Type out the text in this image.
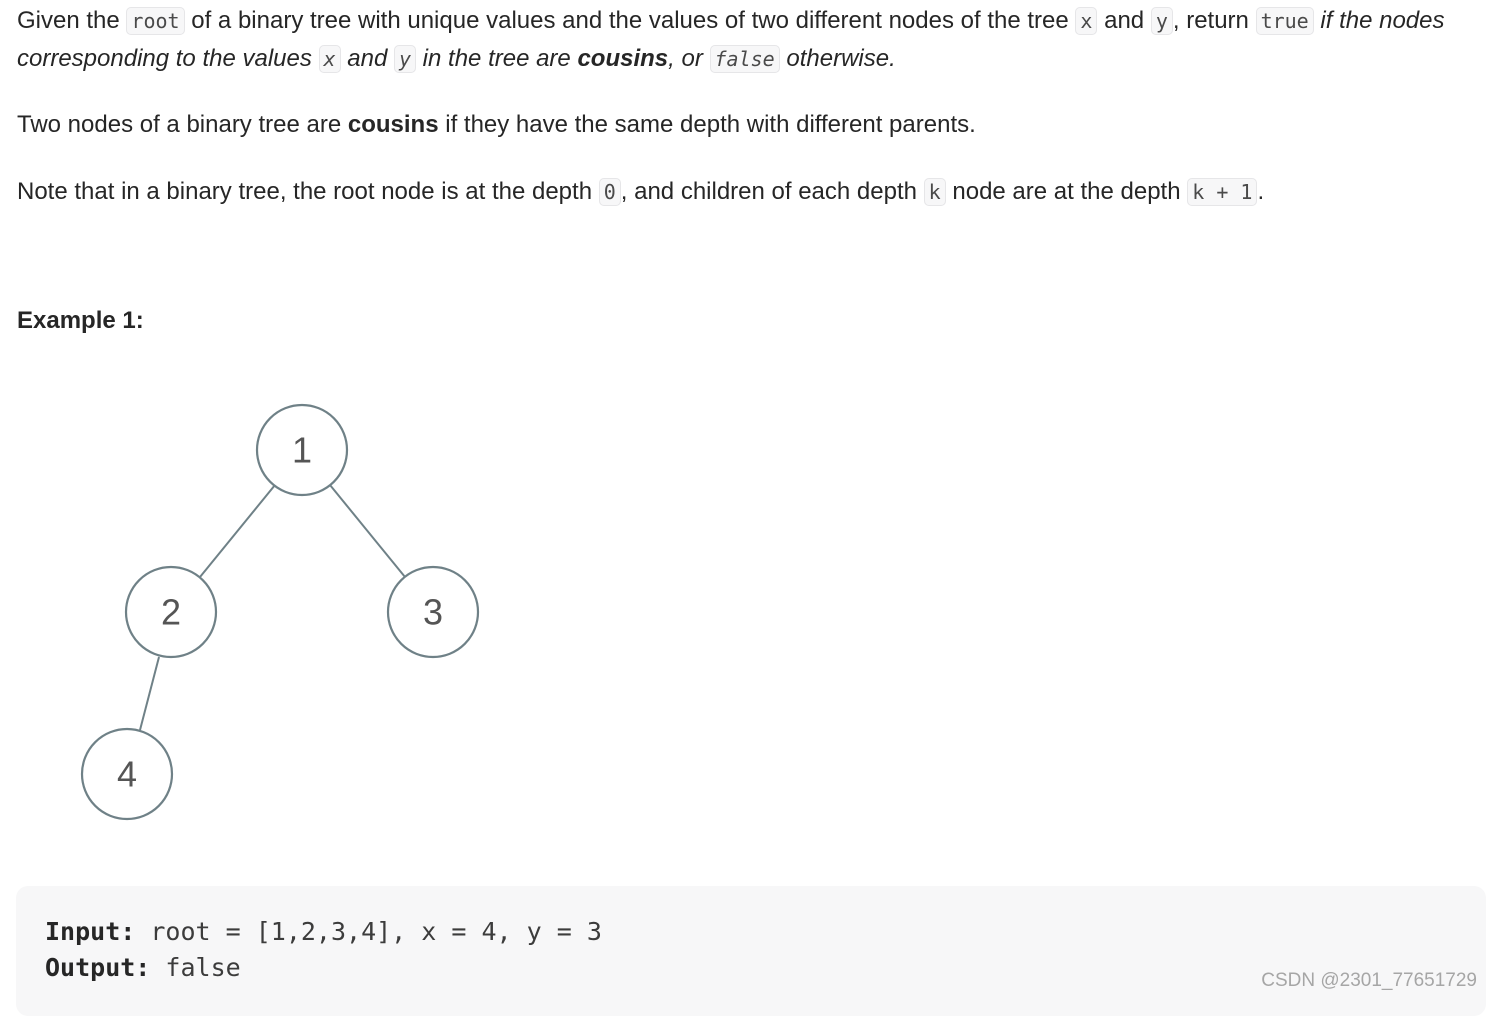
Given the root of a binary tree with unique values and the values of two different nodes of the tree x and y , return true if the nodes corresponding to the values x and y in the tree are cousins, or false otherwise.

Two nodes of a binary tree are cousins if they have the same depth with different parents.

Note that in a binary tree, the root node is at the depth 0 , and children of each depth k node are at the depth k + 1 .

Example 1:
1
2	3
4

Input: root = [1,2,3,4], x = 4, y = 3

Output: false	CSDN @2301_77651729
